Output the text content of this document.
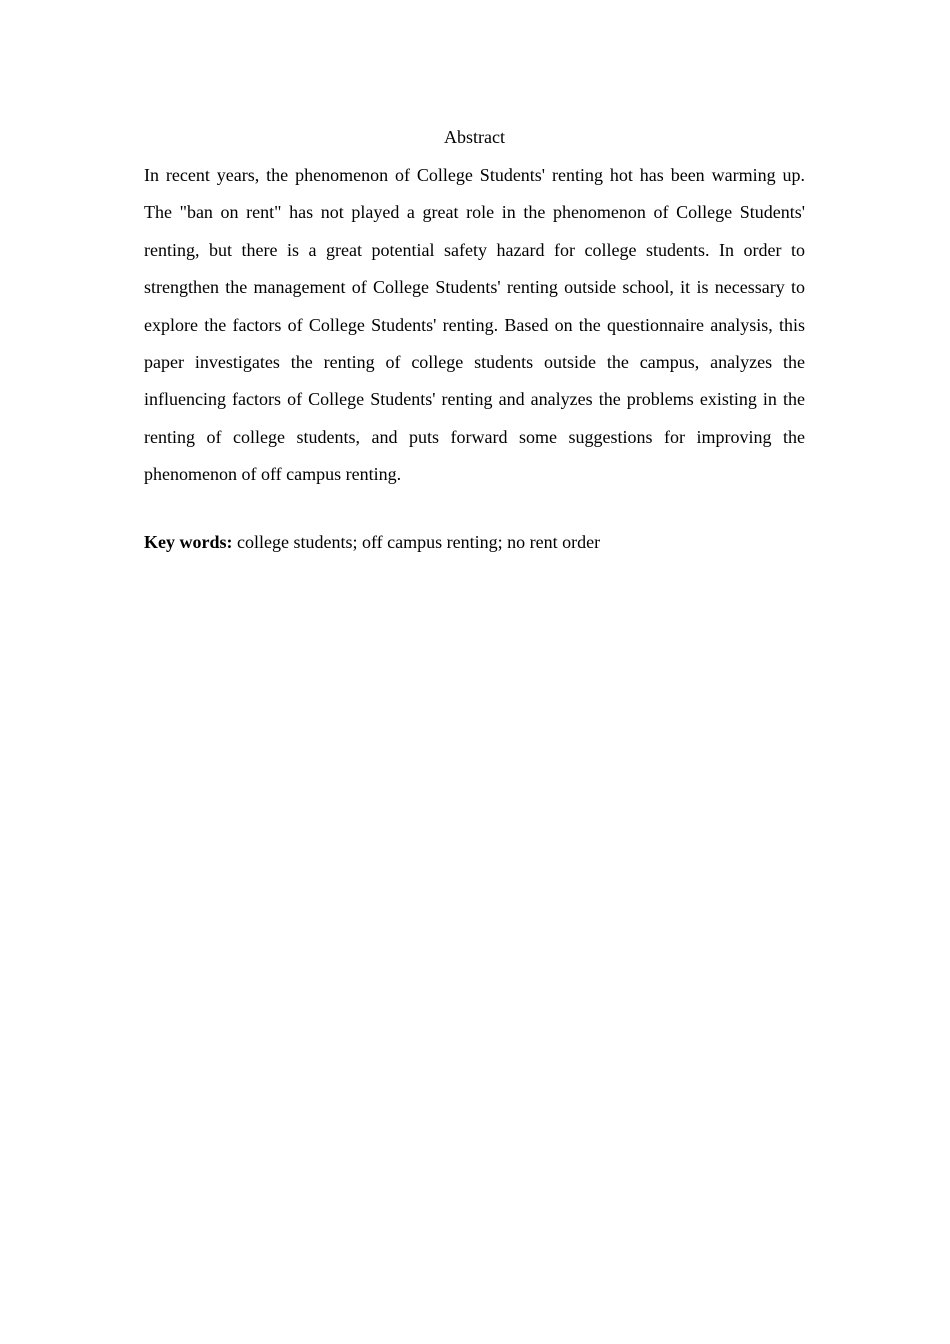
Abstract

In recent years, the phenomenon of College Students' renting hot has been warming up. The "ban on rent" has not played a great role in the phenomenon of College Students' renting, but there is a great potential safety hazard for college students. In order to strengthen the management of College Students' renting outside school, it is necessary to explore the factors of College Students' renting. Based on the questionnaire analysis, this paper investigates the renting of college students outside the campus, analyzes the influencing factors of College Students' renting and analyzes the problems existing in the renting of college students, and puts forward some suggestions for improving the phenomenon of off campus renting.

Key words: college students; off campus renting; no rent order
